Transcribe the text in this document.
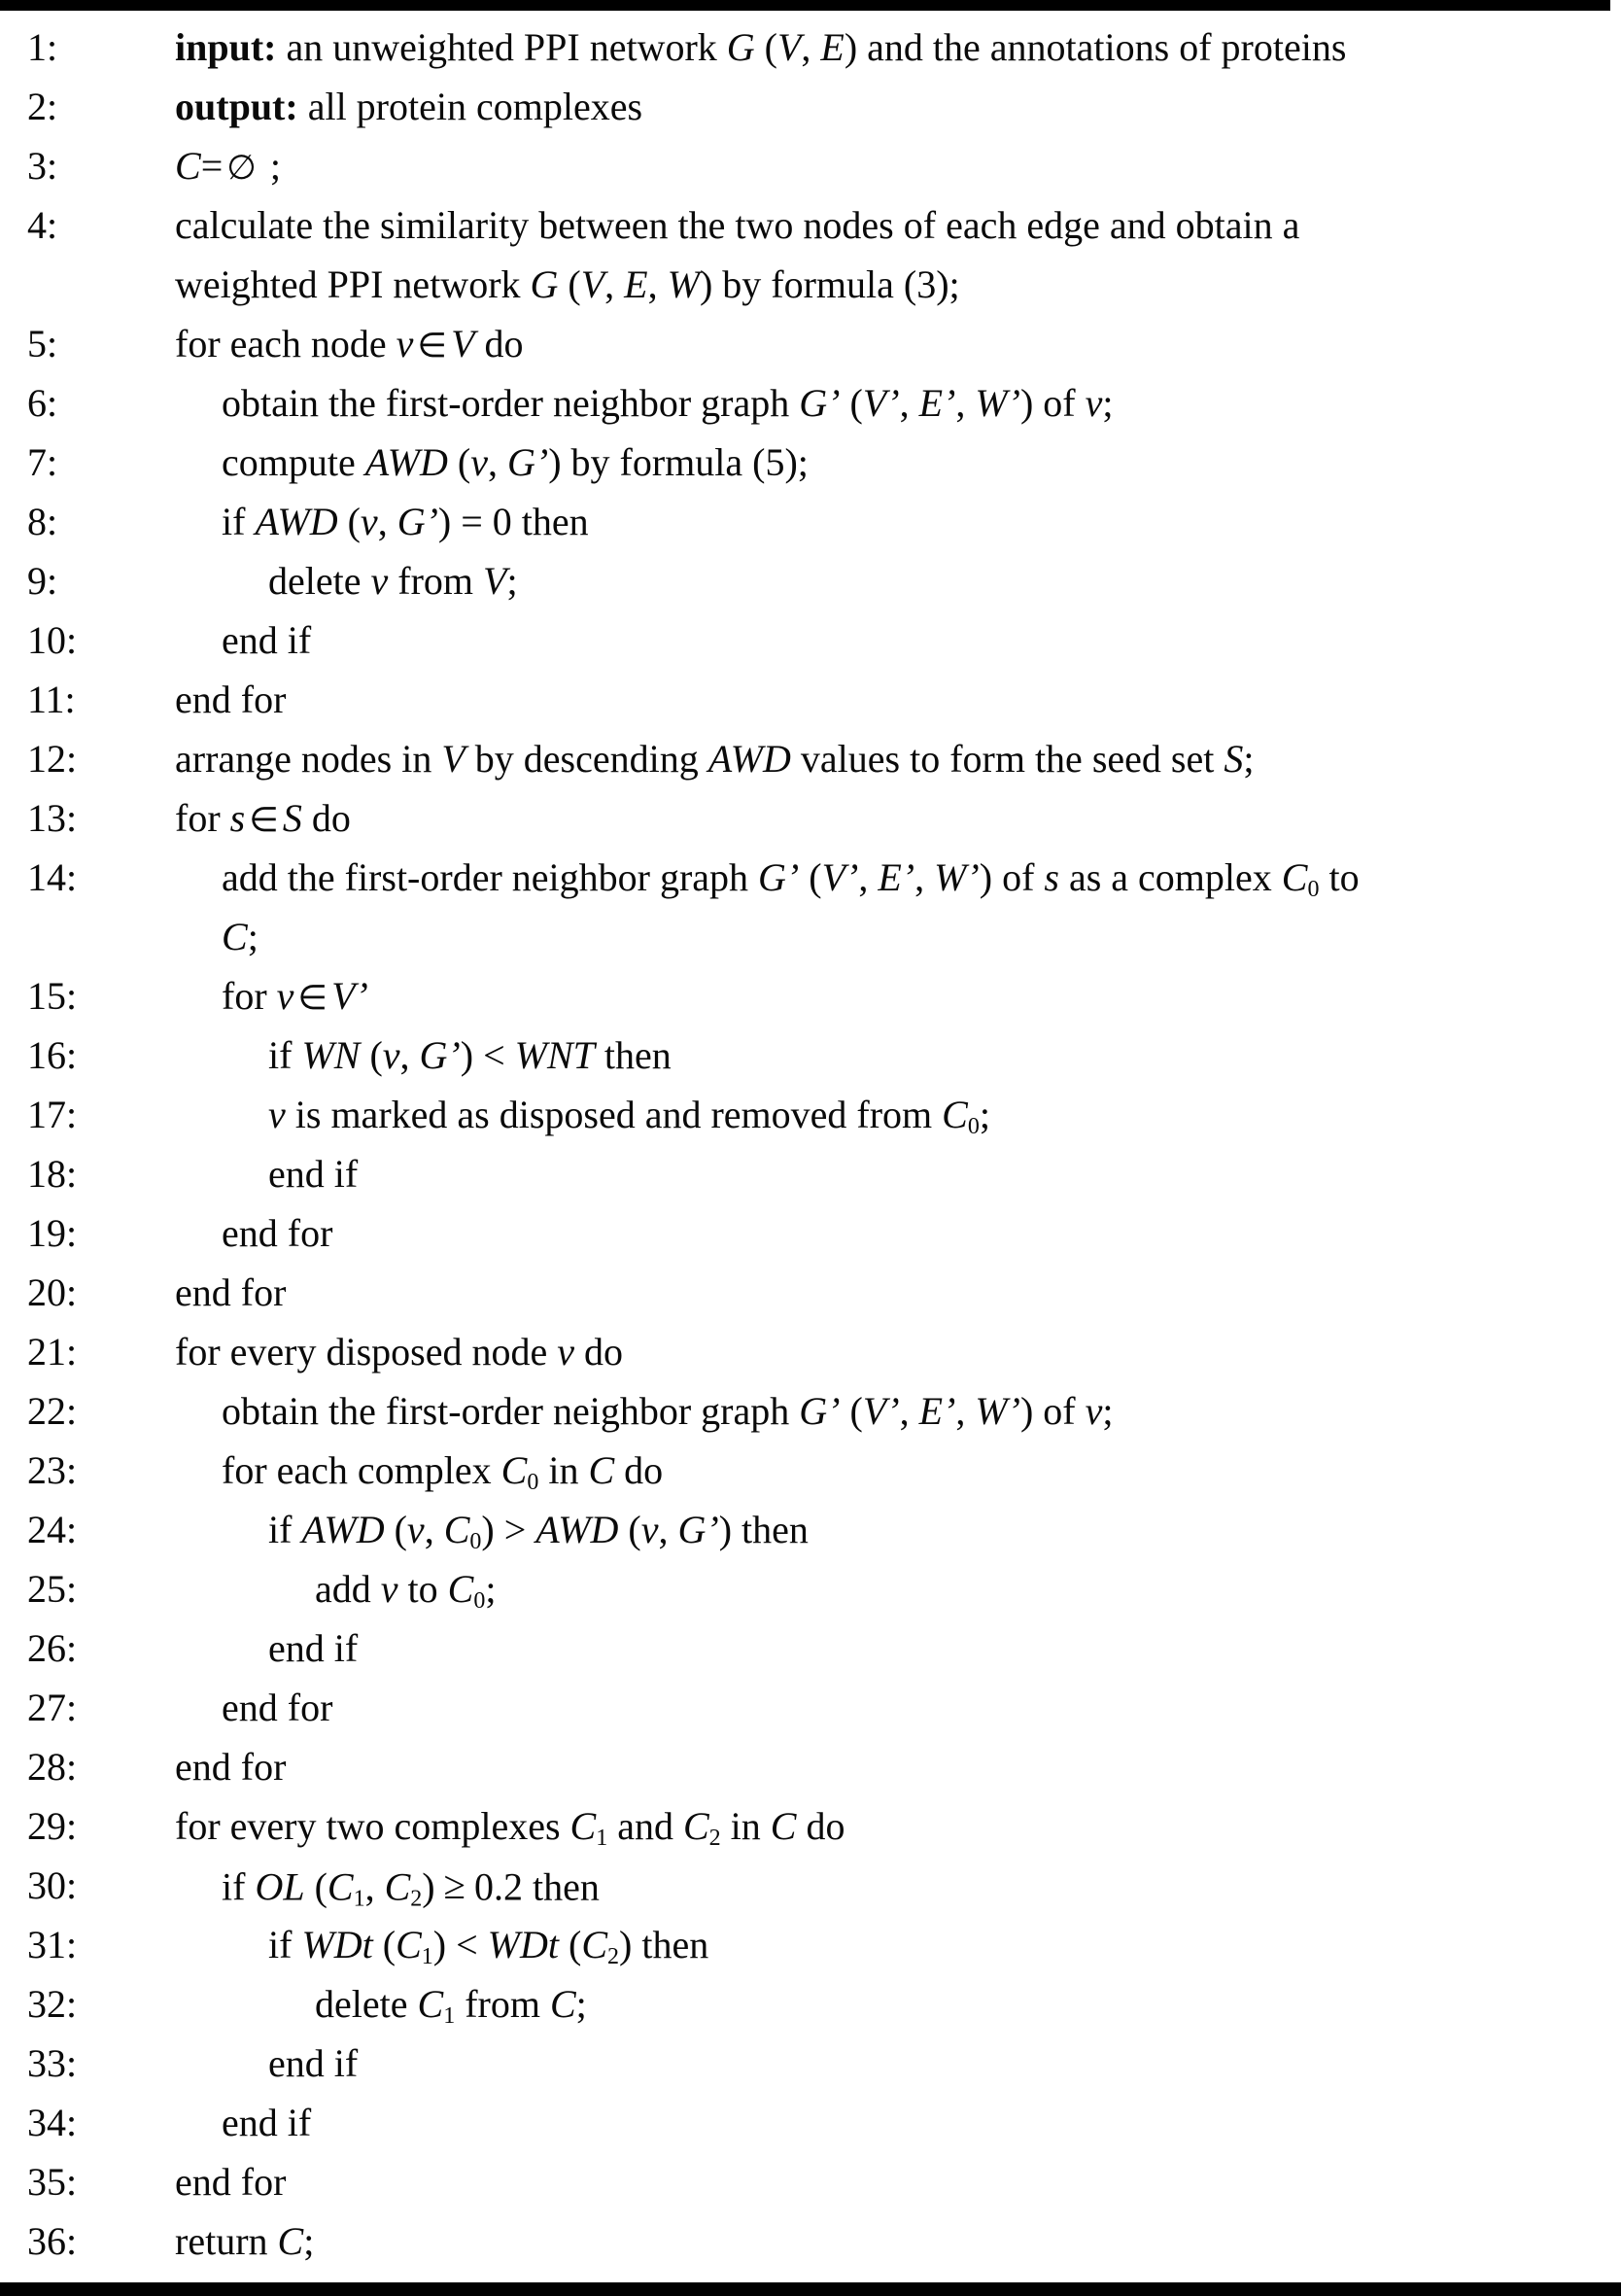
1:	input: an unweighted PPI network G (V, E) and the annotations of proteins
2:	output: all protein complexes
3:	C= ∅ ;
4:	calculate the similarity between the two nodes of each edge and obtain a
weighted PPI network G (V, E, W) by formula (3);
5:	for each node v ∈ V do
6:	obtain the first-order neighbor graph G’ (V’, E’, W’) of v;
7:	compute AWD (v, G’) by formula (5);
8:	if AWD (v, G’) = 0 then
9:	delete v from V;
10:	end if
11:	end for
12:	arrange nodes in V by descending AWD values to form the seed set S;
13:	for s ∈ S do
14:	add the first-order neighbor graph G’ (V’, E’, W’) of s as a complex $C_0$ to
C;
15:	for v ∈ V’
16:	if WN (v, G’) < WNT then
17:	v is marked as disposed and removed from $C_0$;
18:	end if
19:	end for
20:	end for
21:	for every disposed node v do
22:	obtain the first-order neighbor graph G’ (V’, E’, W’) of v;
23:	for each complex $C_0$ in C do
24:	if AWD (v, $C_0$) > AWD (v, G’) then
25:	add v to $C_0$;
26:	end if
27:	end for
28:	end for
29:	for every two complexes $C_1$ and $C_2$ in C do
30:	if OL ($C_1$, $C_2) \ge 0.2$ then
31:	if WDt $(C_1)$ < WDt $(C_2)$ then
32:	delete $C_1$ from C;
33:	end if
34:	end if
35:	end for
36:	return C;
